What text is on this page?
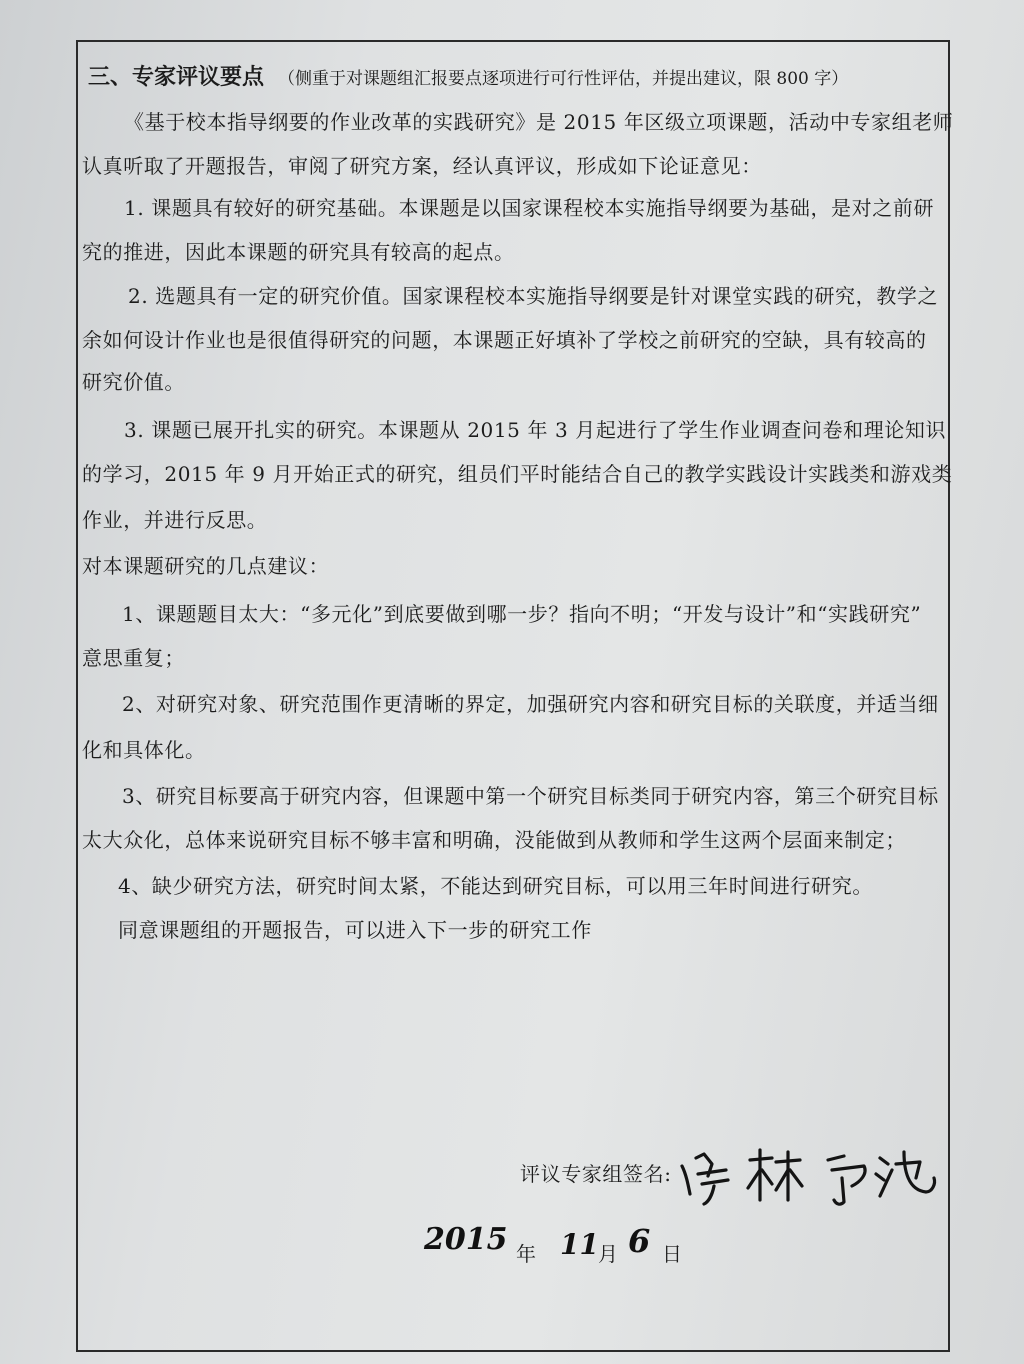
三、专家评议要点 （侧重于对课题组汇报要点逐项进行可行性评估，并提出建议，限 800 字）
《基于校本指导纲要的作业改革的实践研究》是 2015 年区级立项课题，活动中专家组老师
认真听取了开题报告，审阅了研究方案，经认真评议，形成如下论证意见：
1. 课题具有较好的研究基础。本课题是以国家课程校本实施指导纲要为基础，是对之前研
究的推进，因此本课题的研究具有较高的起点。
2. 选题具有一定的研究价值。国家课程校本实施指导纲要是针对课堂实践的研究，教学之
余如何设计作业也是很值得研究的问题，本课题正好填补了学校之前研究的空缺，具有较高的
研究价值。
3. 课题已展开扎实的研究。本课题从 2015 年 3 月起进行了学生作业调查问卷和理论知识
的学习，2015 年 9 月开始正式的研究，组员们平时能结合自己的教学实践设计实践类和游戏类
作业，并进行反思。
对本课题研究的几点建议：
1、课题题目太大：“多元化”到底要做到哪一步？指向不明；“开发与设计”和“实践研究”
意思重复；
2、对研究对象、研究范围作更清晰的界定，加强研究内容和研究目标的关联度，并适当细
化和具体化。
3、研究目标要高于研究内容，但课题中第一个研究目标类同于研究内容，第三个研究目标
太大众化，总体来说研究目标不够丰富和明确，没能做到从教师和学生这两个层面来制定；
4、缺少研究方法，研究时间太紧，不能达到研究目标，可以用三年时间进行研究。
同意课题组的开题报告，可以进入下一步的研究工作
评议专家组签名:
2015 年 11 月 6 日
